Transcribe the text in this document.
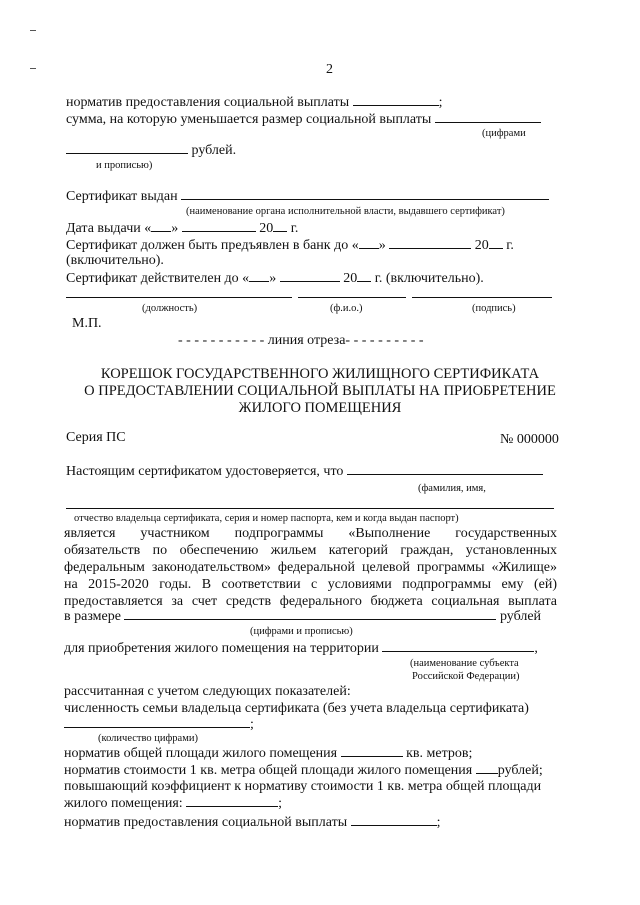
2
норматив предоставления социальной выплаты	;
сумма, на которую уменьшается размер социальной выплаты
(цифрами
рублей.
и прописью)
Сертификат выдан
(наименование органа исполнительной власти, выдавшего сертификат)
Дата выдачи « »	20 г.
Сертификат должен быть предъявлен в банк до « »	20 г.
(включительно).
Сертификат действителен до « »	20 г. (включительно).
(должность)	(ф.и.о.)	(подпись)
М.П.
- - - - - - - - - - - линия отреза- - - - - - - - - -
КОРЕШОК ГОСУДАРСТВЕННОГО ЖИЛИЩНОГО СЕРТИФИКАТА
О ПРЕДОСТАВЛЕНИИ СОЦИАЛЬНОЙ ВЫПЛАТЫ НА ПРИОБРЕТЕНИЕ
ЖИЛОГО ПОМЕЩЕНИЯ
Серия ПС	№ 000000
Настоящим сертификатом удостоверяется, что
(фамилия, имя,
отчество владельца сертификата, серия и номер паспорта, кем и когда выдан паспорт)
является участником подпрограммы «Выполнение государственных
обязательств по обеспечению жильем категорий граждан, установленных
федеральным законодательством» федеральной целевой программы «Жилище»
на 2015-2020 годы. В соответствии с условиями подпрограммы ему (ей)
предоставляется за счет средств федерального бюджета социальная выплата
в размере	рублей
(цифрами и прописью)
для приобретения жилого помещения на территории	,
(наименование субъекта
Российской Федерации)
рассчитанная с учетом следующих показателей:
численность семьи владельца сертификата (без учета владельца сертификата)
;
(количество цифрами)
норматив общей площади жилого помещения	кв. метров;
норматив стоимости 1 кв. метра общей площади жилого помещения рублей;
повышающий коэффициент к нормативу стоимости 1 кв. метра общей площади
жилого помещения:	;
норматив предоставления социальной выплаты	;
